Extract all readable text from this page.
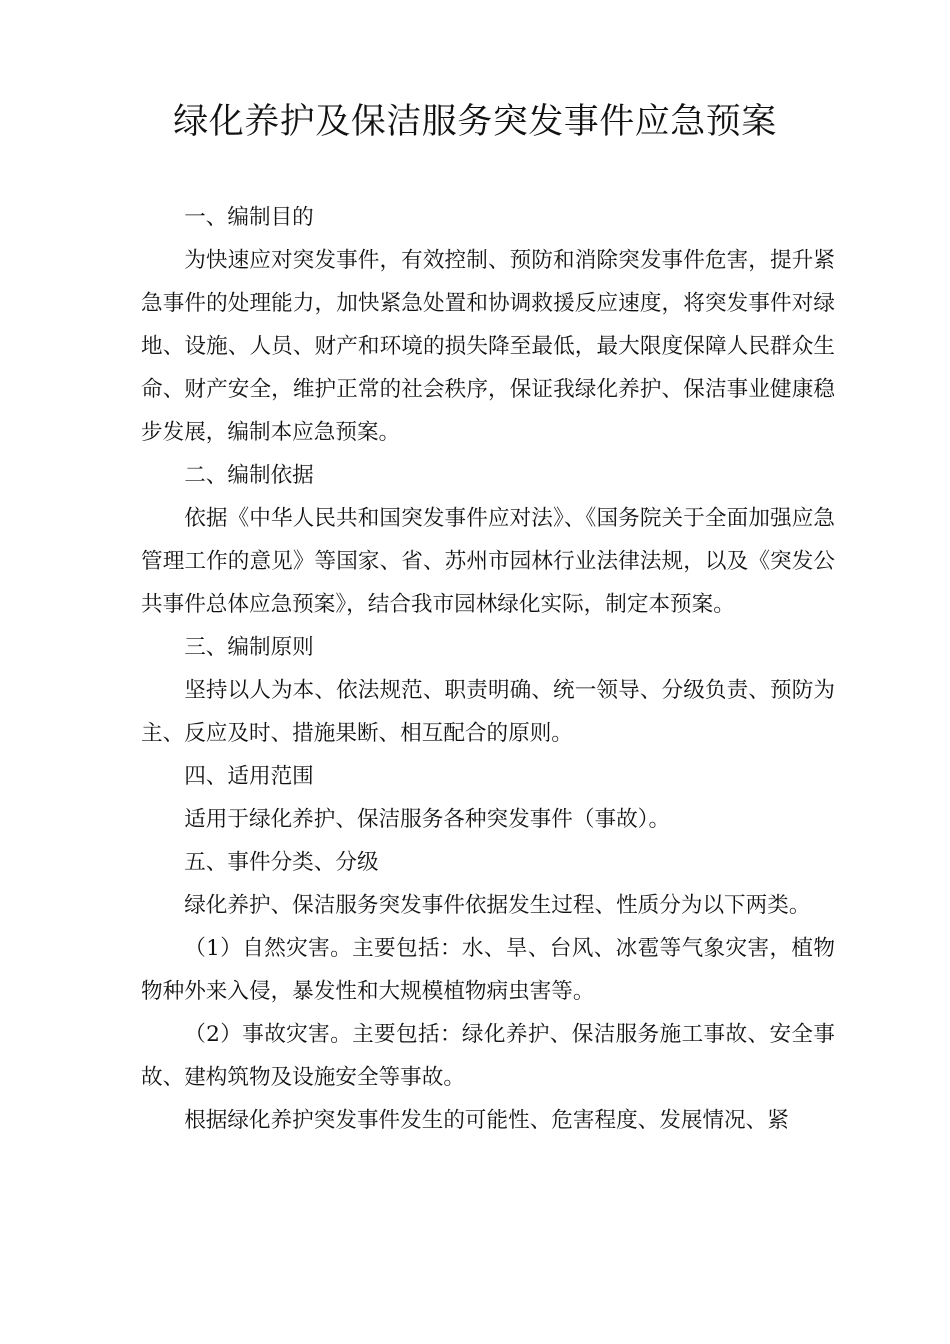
绿化养护及保洁服务突发事件应急预案

一、编制目的

为快速应对突发事件，有效控制、预防和消除突发事件危害，提升紧急事件的处理能力，加快紧急处置和协调救援反应速度，将突发事件对绿地、设施、人员、财产和环境的损失降至最低，最大限度保障人民群众生命、财产安全，维护正常的社会秩序，保证我绿化养护、保洁事业健康稳步发展，编制本应急预案。

二、编制依据

依据《中华人民共和国突发事件应对法》、《国务院关于全面加强应急管理工作的意见》等国家、省、苏州市园林行业法律法规，以及《突发公共事件总体应急预案》，结合我市园林绿化实际，制定本预案。

三、编制原则

坚持以人为本、依法规范、职责明确、统一领导、分级负责、预防为主、反应及时、措施果断、相互配合的原则。

四、适用范围

适用于绿化养护、保洁服务各种突发事件（事故）。

五、事件分类、分级

绿化养护、保洁服务突发事件依据发生过程、性质分为以下两类。

（1）自然灾害。主要包括：水、旱、台风、冰雹等气象灾害，植物物种外来入侵，暴发性和大规模植物病虫害等。

（2）事故灾害。主要包括：绿化养护、保洁服务施工事故、安全事故、建构筑物及设施安全等事故。

根据绿化养护突发事件发生的可能性、危害程度、发展情况、紧
